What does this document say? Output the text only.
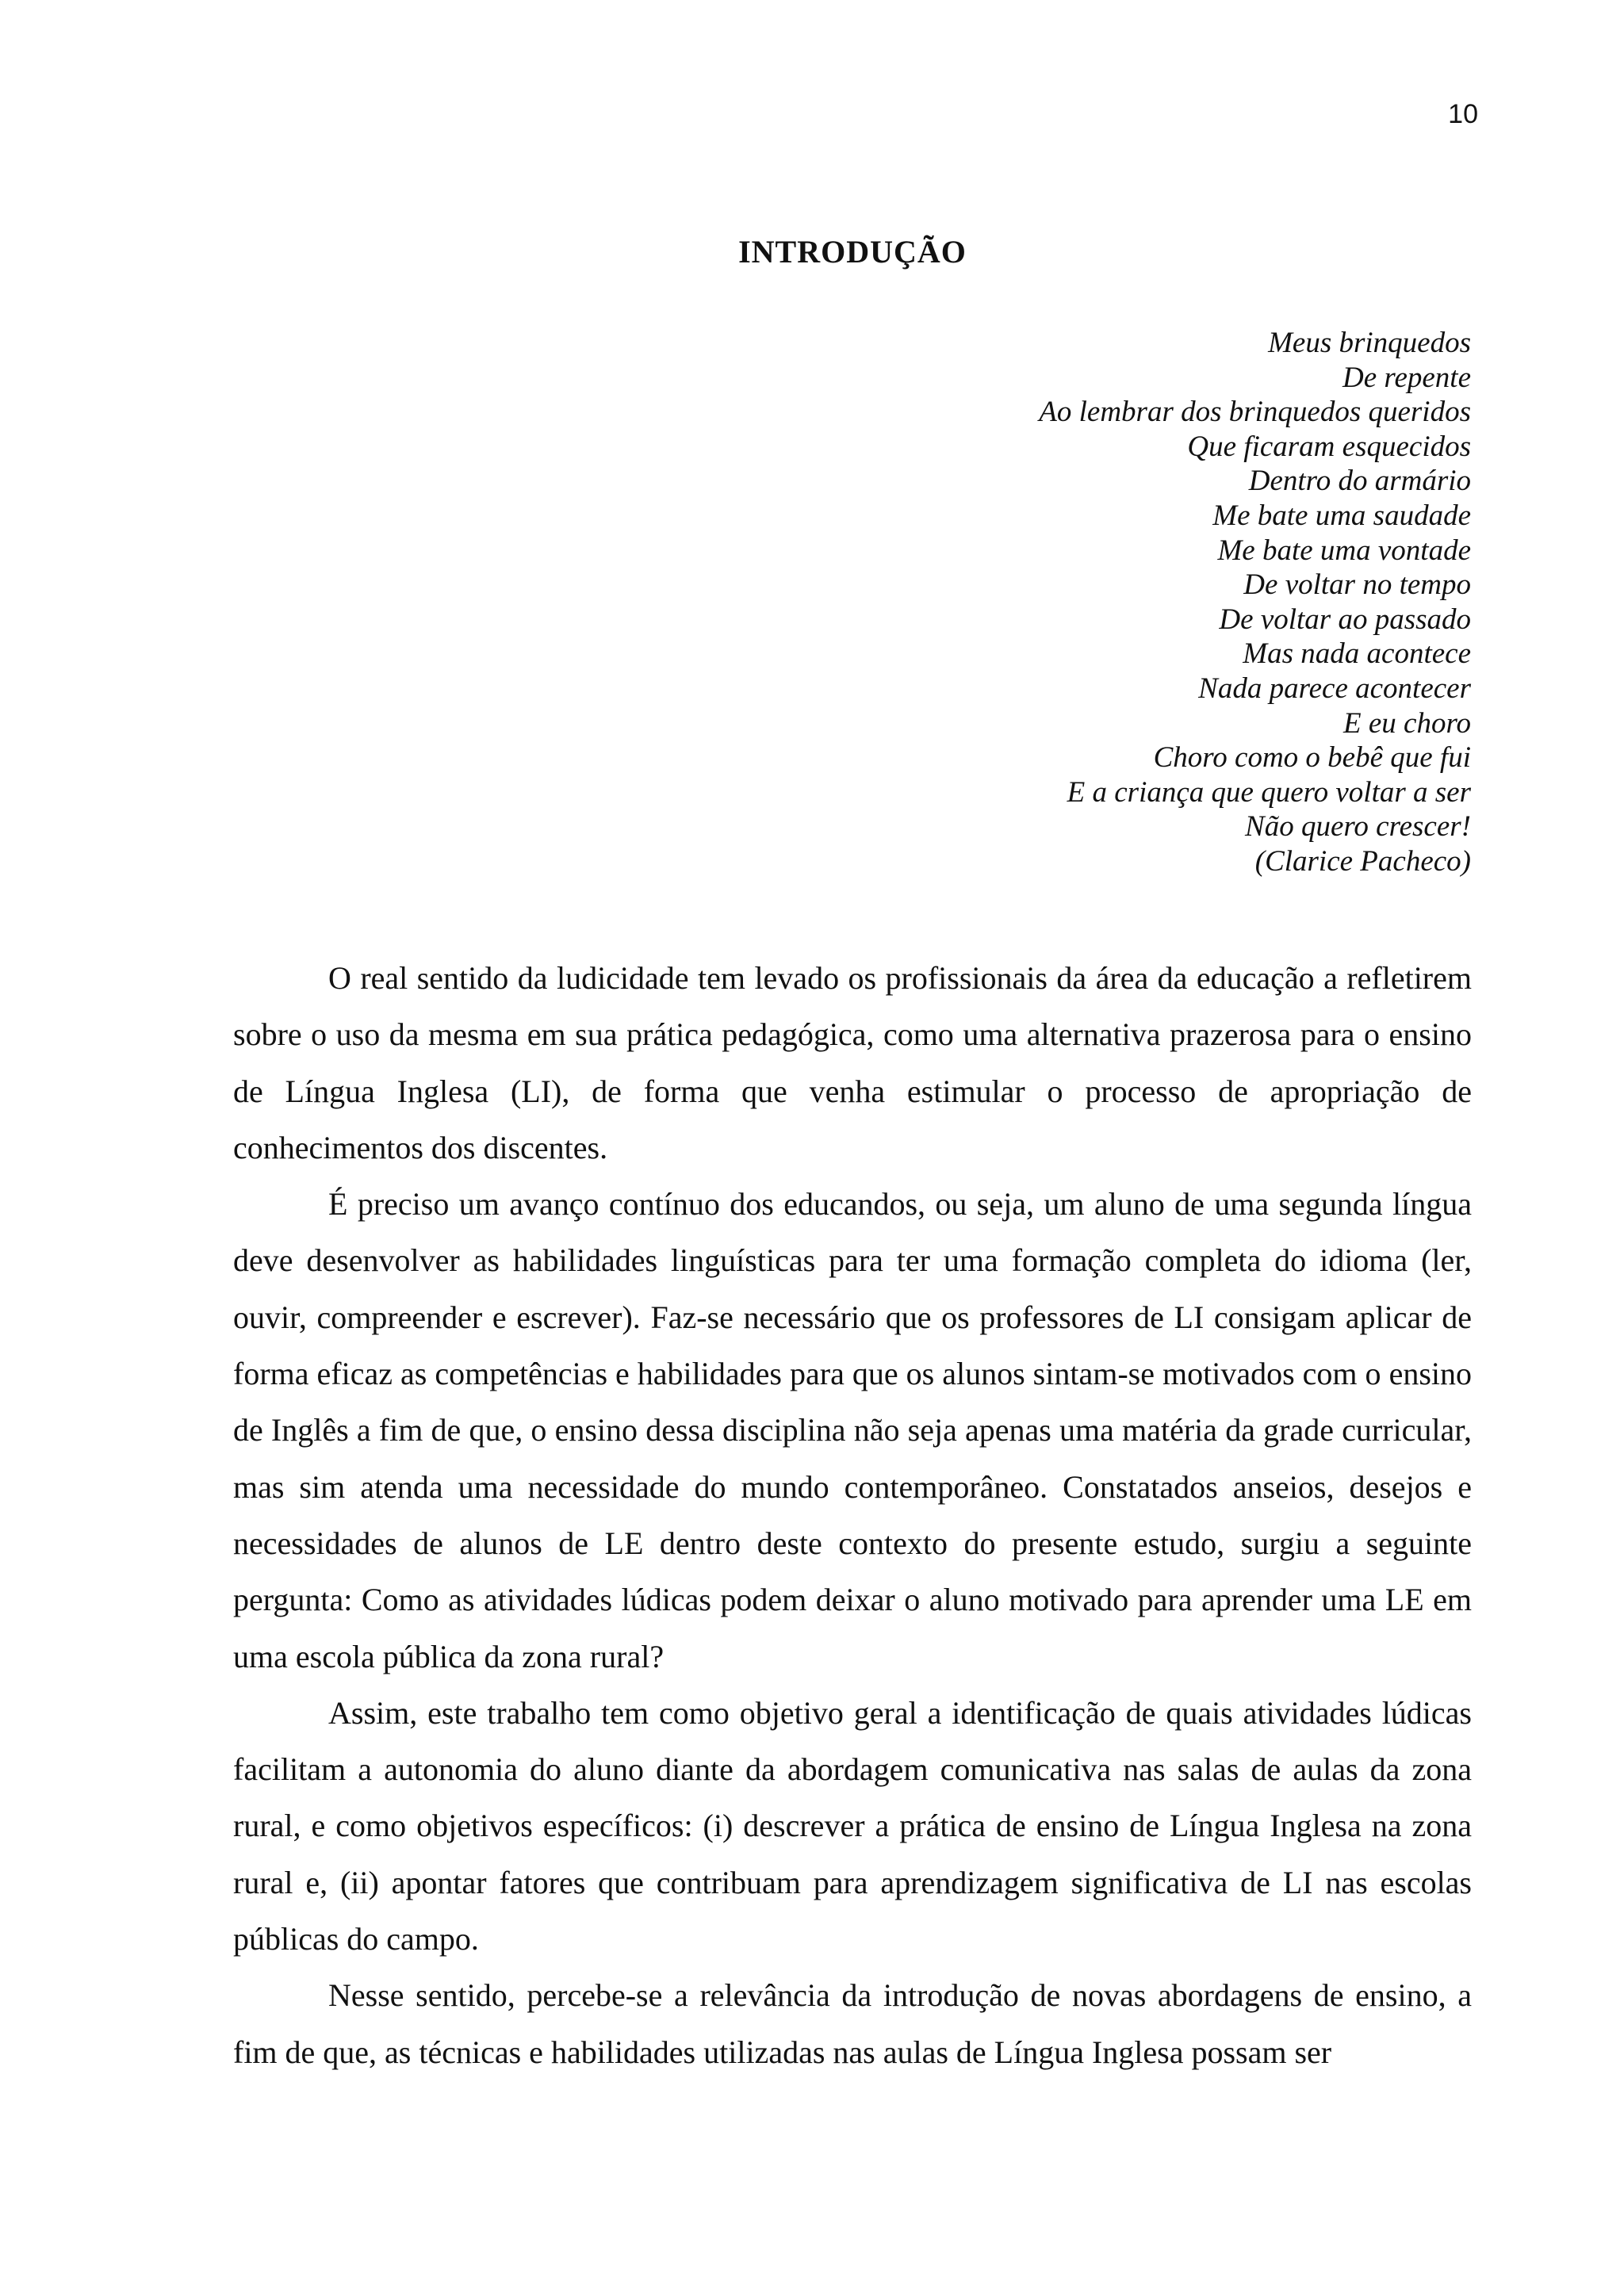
10
INTRODUÇÃO
Meus brinquedos
De repente
Ao lembrar dos brinquedos queridos
Que ficaram esquecidos
Dentro do armário
Me bate uma saudade
Me bate uma vontade
De voltar no tempo
De voltar ao passado
Mas nada acontece
Nada parece acontecer
E eu choro
Choro como o bebê que fui
E a criança que quero voltar a ser
Não quero crescer!
(Clarice Pacheco)

O real sentido da ludicidade tem levado os profissionais da área da educação a refletirem sobre o uso da mesma em sua prática pedagógica, como uma alternativa prazerosa para o ensino de Língua Inglesa (LI), de forma que venha estimular o processo de apropriação de conhecimentos dos discentes.

É preciso um avanço contínuo dos educandos, ou seja, um aluno de uma segunda língua deve desenvolver as habilidades linguísticas para ter uma formação completa do idioma (ler, ouvir, compreender e escrever). Faz-se necessário que os professores de LI consigam aplicar de forma eficaz as competências e habilidades para que os alunos sintam-se motivados com o ensino de Inglês a fim de que, o ensino dessa disciplina não seja apenas uma matéria da grade curricular, mas sim atenda uma necessidade do mundo contemporâneo. Constatados anseios, desejos e necessidades de alunos de LE dentro deste contexto do presente estudo, surgiu a seguinte pergunta: Como as atividades lúdicas podem deixar o aluno motivado para aprender uma LE em uma escola pública da zona rural?

Assim, este trabalho tem como objetivo geral a identificação de quais atividades lúdicas facilitam a autonomia do aluno diante da abordagem comunicativa nas salas de aulas da zona rural, e como objetivos específicos: (i) descrever a prática de ensino de Língua Inglesa na zona rural e, (ii) apontar fatores que contribuam para aprendizagem significativa de LI nas escolas públicas do campo.

Nesse sentido, percebe-se a relevância da introdução de novas abordagens de ensino, a fim de que, as técnicas e habilidades utilizadas nas aulas de Língua Inglesa possam ser
